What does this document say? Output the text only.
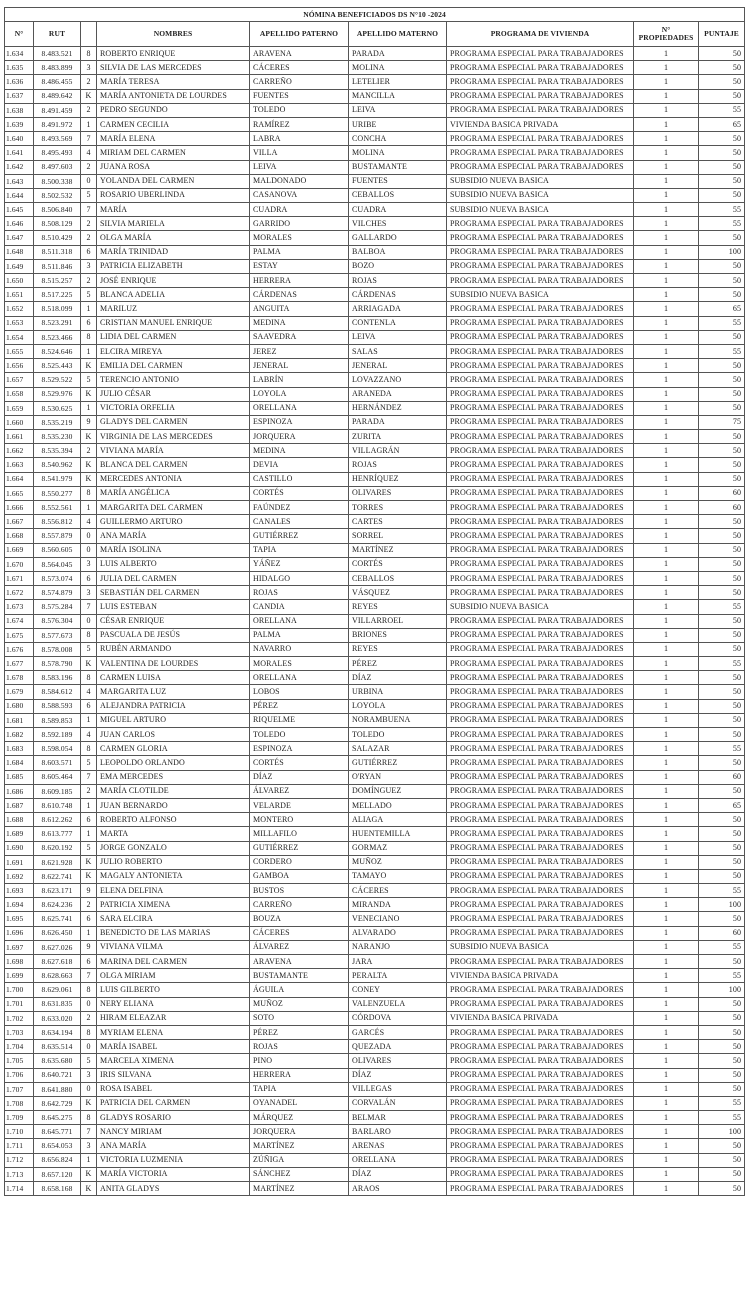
NÓMINA BENEFICIADOS DS N°10 -2024								
N°	RUT		NOMBRES	APELLIDO PATERNO	APELLIDO MATERNO	PROGRAMA DE VIVIENDA	N° PROPIEDADES	PUNTAJE
1.634	8.483.521	8	ROBERTO ENRIQUE	ARAVENA	PARADA	PROGRAMA ESPECIAL PARA TRABAJADORES	1	50
1.635	8.483.899	3	SILVIA DE LAS MERCEDES	CÁCERES	MOLINA	PROGRAMA ESPECIAL PARA TRABAJADORES	1	50
1.636	8.486.455	2	MARÍA TERESA	CARREÑO	LETELIER	PROGRAMA ESPECIAL PARA TRABAJADORES	1	50
1.637	8.489.642	K	MARÍA ANTONIETA DE LOURDES	FUENTES	MANCILLA	PROGRAMA ESPECIAL PARA TRABAJADORES	1	50
1.638	8.491.459	2	PEDRO SEGUNDO	TOLEDO	LEIVA	PROGRAMA ESPECIAL PARA TRABAJADORES	1	55
1.639	8.491.972	1	CARMEN CECILIA	RAMÍREZ	URIBE	VIVIENDA BASICA PRIVADA	1	65
1.640	8.493.569	7	MARÍA ELENA	LABRA	CONCHA	PROGRAMA ESPECIAL PARA TRABAJADORES	1	50
1.641	8.495.493	4	MIRIAM DEL CARMEN	VILLA	MOLINA	PROGRAMA ESPECIAL PARA TRABAJADORES	1	50
1.642	8.497.603	2	JUANA ROSA	LEIVA	BUSTAMANTE	PROGRAMA ESPECIAL PARA TRABAJADORES	1	50
1.643	8.500.338	0	YOLANDA DEL CARMEN	MALDONADO	FUENTES	SUBSIDIO NUEVA BASICA	1	50
1.644	8.502.532	5	ROSARIO UBERLINDA	CASANOVA	CEBALLOS	SUBSIDIO NUEVA BASICA	1	50
1.645	8.506.840	7	MARÍA	CUADRA	CUADRA	SUBSIDIO NUEVA BASICA	1	55
1.646	8.508.129	2	SILVIA MARIELA	GARRIDO	VILCHES	PROGRAMA ESPECIAL PARA TRABAJADORES	1	55
1.647	8.510.429	2	OLGA MARÍA	MORALES	GALLARDO	PROGRAMA ESPECIAL PARA TRABAJADORES	1	50
1.648	8.511.318	6	MARÍA TRINIDAD	PALMA	BALBOA	PROGRAMA ESPECIAL PARA TRABAJADORES	1	100
1.649	8.511.846	3	PATRICIA ELIZABETH	ESTAY	BOZO	PROGRAMA ESPECIAL PARA TRABAJADORES	1	50
1.650	8.515.257	2	JOSÉ ENRIQUE	HERRERA	ROJAS	PROGRAMA ESPECIAL PARA TRABAJADORES	1	50
1.651	8.517.225	5	BLANCA ADELIA	CÁRDENAS	CÁRDENAS	SUBSIDIO NUEVA BASICA	1	50
1.652	8.518.099	1	MARILUZ	ANGUITA	ARRIAGADA	PROGRAMA ESPECIAL PARA TRABAJADORES	1	65
1.653	8.523.291	6	CRISTIAN MANUEL ENRIQUE	MEDINA	CONTENLA	PROGRAMA ESPECIAL PARA TRABAJADORES	1	55
1.654	8.523.466	8	LIDIA DEL CARMEN	SAAVEDRA	LEIVA	PROGRAMA ESPECIAL PARA TRABAJADORES	1	50
1.655	8.524.646	1	ELCIRA MIREYA	JEREZ	SALAS	PROGRAMA ESPECIAL PARA TRABAJADORES	1	55
1.656	8.525.443	K	EMILIA DEL CARMEN	JENERAL	JENERAL	PROGRAMA ESPECIAL PARA TRABAJADORES	1	50
1.657	8.529.522	5	TERENCIO ANTONIO	LABRÍN	LOVAZZANO	PROGRAMA ESPECIAL PARA TRABAJADORES	1	50
1.658	8.529.976	K	JULIO CÉSAR	LOYOLA	ARANEDA	PROGRAMA ESPECIAL PARA TRABAJADORES	1	50
1.659	8.530.625	1	VICTORIA ORFELIA	ORELLANA	HERNÁNDEZ	PROGRAMA ESPECIAL PARA TRABAJADORES	1	50
1.660	8.535.219	9	GLADYS DEL CARMEN	ESPINOZA	PARADA	PROGRAMA ESPECIAL PARA TRABAJADORES	1	75
1.661	8.535.230	K	VIRGINIA DE LAS MERCEDES	JORQUERA	ZURITA	PROGRAMA ESPECIAL PARA TRABAJADORES	1	50
1.662	8.535.394	2	VIVIANA MARÍA	MEDINA	VILLAGRÁN	PROGRAMA ESPECIAL PARA TRABAJADORES	1	50
1.663	8.540.962	K	BLANCA DEL CARMEN	DEVIA	ROJAS	PROGRAMA ESPECIAL PARA TRABAJADORES	1	50
1.664	8.541.979	K	MERCEDES ANTONIA	CASTILLO	HENRÍQUEZ	PROGRAMA ESPECIAL PARA TRABAJADORES	1	50
1.665	8.550.277	8	MARÍA ANGÉLICA	CORTÉS	OLIVARES	PROGRAMA ESPECIAL PARA TRABAJADORES	1	60
1.666	8.552.561	1	MARGARITA DEL CARMEN	FAÚNDEZ	TORRES	PROGRAMA ESPECIAL PARA TRABAJADORES	1	60
1.667	8.556.812	4	GUILLERMO ARTURO	CANALES	CARTES	PROGRAMA ESPECIAL PARA TRABAJADORES	1	50
1.668	8.557.879	0	ANA MARÍA	GUTIÉRREZ	SORREL	PROGRAMA ESPECIAL PARA TRABAJADORES	1	50
1.669	8.560.605	0	MARÍA ISOLINA	TAPIA	MARTÍNEZ	PROGRAMA ESPECIAL PARA TRABAJADORES	1	50
1.670	8.564.045	3	LUIS ALBERTO	YÁÑEZ	CORTÉS	PROGRAMA ESPECIAL PARA TRABAJADORES	1	50
1.671	8.573.074	6	JULIA DEL CARMEN	HIDALGO	CEBALLOS	PROGRAMA ESPECIAL PARA TRABAJADORES	1	50
1.672	8.574.879	3	SEBASTIÁN DEL CARMEN	ROJAS	VÁSQUEZ	PROGRAMA ESPECIAL PARA TRABAJADORES	1	50
1.673	8.575.284	7	LUIS ESTEBAN	CANDIA	REYES	SUBSIDIO NUEVA BASICA	1	55
1.674	8.576.304	0	CÉSAR ENRIQUE	ORELLANA	VILLARROEL	PROGRAMA ESPECIAL PARA TRABAJADORES	1	50
1.675	8.577.673	8	PASCUALA DE JESÚS	PALMA	BRIONES	PROGRAMA ESPECIAL PARA TRABAJADORES	1	50
1.676	8.578.008	5	RUBÉN ARMANDO	NAVARRO	REYES	PROGRAMA ESPECIAL PARA TRABAJADORES	1	50
1.677	8.578.790	K	VALENTINA DE LOURDES	MORALES	PÉREZ	PROGRAMA ESPECIAL PARA TRABAJADORES	1	55
1.678	8.583.196	8	CARMEN LUISA	ORELLANA	DÍAZ	PROGRAMA ESPECIAL PARA TRABAJADORES	1	50
1.679	8.584.612	4	MARGARITA LUZ	LOBOS	URBINA	PROGRAMA ESPECIAL PARA TRABAJADORES	1	50
1.680	8.588.593	6	ALEJANDRA PATRICIA	PÉREZ	LOYOLA	PROGRAMA ESPECIAL PARA TRABAJADORES	1	50
1.681	8.589.853	1	MIGUEL ARTURO	RIQUELME	NORAMBUENA	PROGRAMA ESPECIAL PARA TRABAJADORES	1	50
1.682	8.592.189	4	JUAN CARLOS	TOLEDO	TOLEDO	PROGRAMA ESPECIAL PARA TRABAJADORES	1	50
1.683	8.598.054	8	CARMEN GLORIA	ESPINOZA	SALAZAR	PROGRAMA ESPECIAL PARA TRABAJADORES	1	55
1.684	8.603.571	5	LEOPOLDO ORLANDO	CORTÉS	GUTIÉRREZ	PROGRAMA ESPECIAL PARA TRABAJADORES	1	50
1.685	8.605.464	7	EMA MERCEDES	DÍAZ	O'RYAN	PROGRAMA ESPECIAL PARA TRABAJADORES	1	60
1.686	8.609.185	2	MARÍA CLOTILDE	ÁLVAREZ	DOMÍNGUEZ	PROGRAMA ESPECIAL PARA TRABAJADORES	1	50
1.687	8.610.748	1	JUAN BERNARDO	VELARDE	MELLADO	PROGRAMA ESPECIAL PARA TRABAJADORES	1	65
1.688	8.612.262	6	ROBERTO ALFONSO	MONTERO	ALIAGA	PROGRAMA ESPECIAL PARA TRABAJADORES	1	50
1.689	8.613.777	1	MARTA	MILLAFILO	HUENTEMILLA	PROGRAMA ESPECIAL PARA TRABAJADORES	1	50
1.690	8.620.192	5	JORGE GONZALO	GUTIÉRREZ	GORMAZ	PROGRAMA ESPECIAL PARA TRABAJADORES	1	50
1.691	8.621.928	K	JULIO ROBERTO	CORDERO	MUÑOZ	PROGRAMA ESPECIAL PARA TRABAJADORES	1	50
1.692	8.622.741	K	MAGALY ANTONIETA	GAMBOA	TAMAYO	PROGRAMA ESPECIAL PARA TRABAJADORES	1	50
1.693	8.623.171	9	ELENA DELFINA	BUSTOS	CÁCERES	PROGRAMA ESPECIAL PARA TRABAJADORES	1	55
1.694	8.624.236	2	PATRICIA XIMENA	CARREÑO	MIRANDA	PROGRAMA ESPECIAL PARA TRABAJADORES	1	100
1.695	8.625.741	6	SARA ELCIRA	BOUZA	VENECIANO	PROGRAMA ESPECIAL PARA TRABAJADORES	1	50
1.696	8.626.450	1	BENEDICTO DE LAS MARIAS	CÁCERES	ALVARADO	PROGRAMA ESPECIAL PARA TRABAJADORES	1	60
1.697	8.627.026	9	VIVIANA VILMA	ÁLVAREZ	NARANJO	SUBSIDIO NUEVA BASICA	1	55
1.698	8.627.618	6	MARINA DEL CARMEN	ARAVENA	JARA	PROGRAMA ESPECIAL PARA TRABAJADORES	1	50
1.699	8.628.663	7	OLGA MIRIAM	BUSTAMANTE	PERALTA	VIVIENDA BASICA PRIVADA	1	55
1.700	8.629.061	8	LUIS GILBERTO	ÁGUILA	CONEY	PROGRAMA ESPECIAL PARA TRABAJADORES	1	100
1.701	8.631.835	0	NERY ELIANA	MUÑOZ	VALENZUELA	PROGRAMA ESPECIAL PARA TRABAJADORES	1	50
1.702	8.633.020	2	HIRAM ELEAZAR	SOTO	CÓRDOVA	VIVIENDA BASICA PRIVADA	1	50
1.703	8.634.194	8	MYRIAM ELENA	PÉREZ	GARCÉS	PROGRAMA ESPECIAL PARA TRABAJADORES	1	50
1.704	8.635.514	0	MARÍA ISABEL	ROJAS	QUEZADA	PROGRAMA ESPECIAL PARA TRABAJADORES	1	50
1.705	8.635.680	5	MARCELA XIMENA	PINO	OLIVARES	PROGRAMA ESPECIAL PARA TRABAJADORES	1	50
1.706	8.640.721	3	IRIS SILVANA	HERRERA	DÍAZ	PROGRAMA ESPECIAL PARA TRABAJADORES	1	50
1.707	8.641.880	0	ROSA ISABEL	TAPIA	VILLEGAS	PROGRAMA ESPECIAL PARA TRABAJADORES	1	50
1.708	8.642.729	K	PATRICIA DEL CARMEN	OYANADEL	CORVALÁN	PROGRAMA ESPECIAL PARA TRABAJADORES	1	55
1.709	8.645.275	8	GLADYS ROSARIO	MÁRQUEZ	BELMAR	PROGRAMA ESPECIAL PARA TRABAJADORES	1	55
1.710	8.645.771	7	NANCY MIRIAM	JORQUERA	BARLARO	PROGRAMA ESPECIAL PARA TRABAJADORES	1	100
1.711	8.654.053	3	ANA MARÍA	MARTÍNEZ	ARENAS	PROGRAMA ESPECIAL PARA TRABAJADORES	1	50
1.712	8.656.824	1	VICTORIA LUZMENIA	ZÚÑIGA	ORELLANA	PROGRAMA ESPECIAL PARA TRABAJADORES	1	50
1.713	8.657.120	K	MARÍA VICTORIA	SÁNCHEZ	DÍAZ	PROGRAMA ESPECIAL PARA TRABAJADORES	1	50
1.714	8.658.168	K	ANITA GLADYS	MARTÍNEZ	ARAOS	PROGRAMA ESPECIAL PARA TRABAJADORES	1	50
